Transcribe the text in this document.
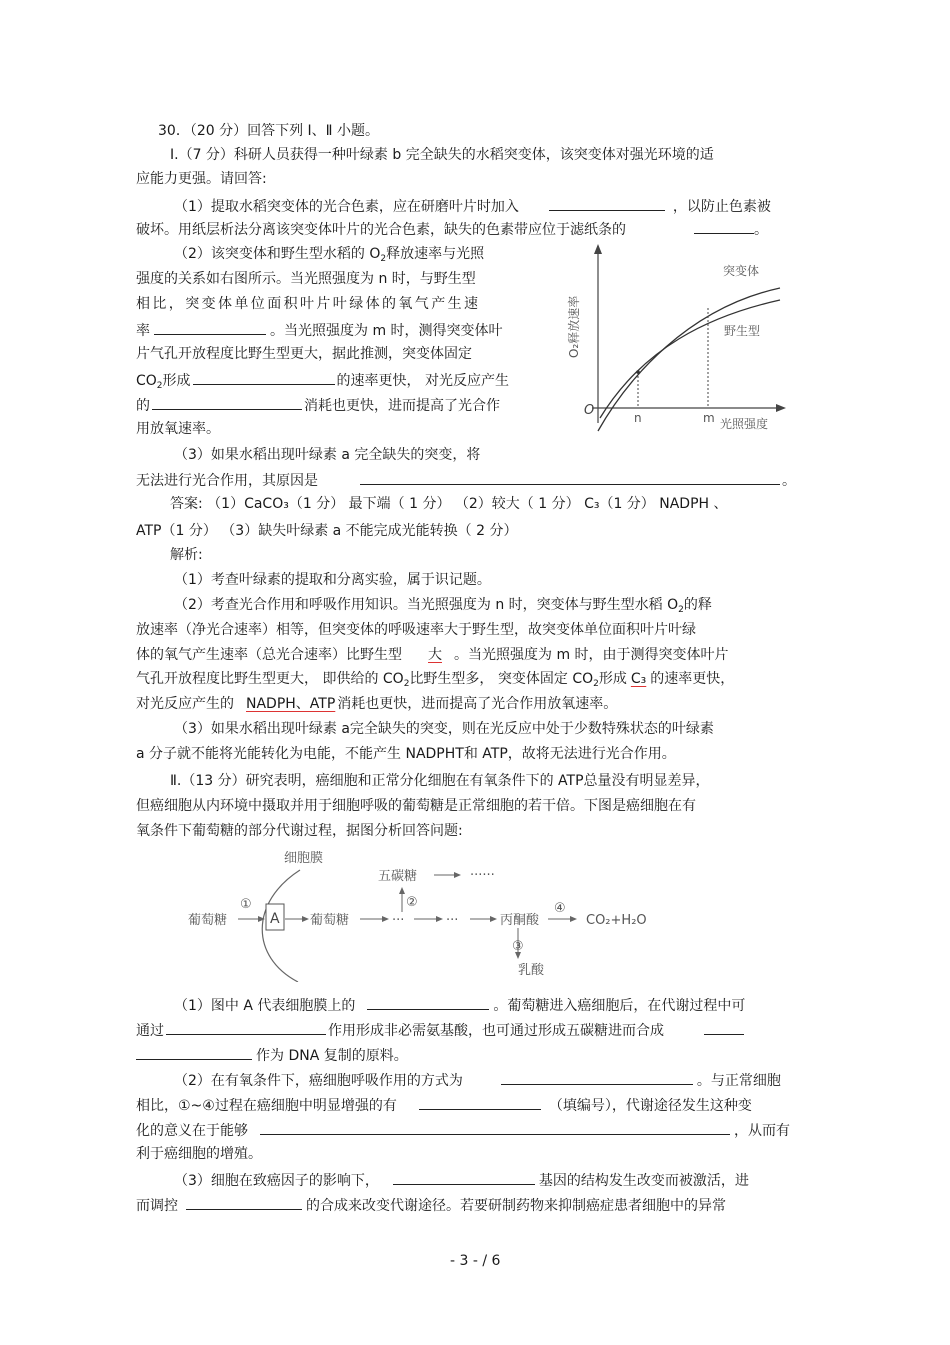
30．（20 分）回答下列 Ⅰ、Ⅱ 小题。
Ⅰ.（7 分）科研人员获得一种叶绿素 b 完全缺失的水稻突变体，该突变体对强光环境的适
应能力更强。请回答:
（1）提取水稻突变体的光合色素，应在研磨叶片时加入	，以防止色素被
破坏。用纸层析法分离该突变体叶片的光合色素，缺失的色素带应位于滤纸条的	。
（2）该突变体和野生型水稻的 $O_2$释放速率与光照
强度的关系如右图所示。当光照强度为 n 时，与野生型
相比，突变体单位面积叶片叶绿体的氧气产生速
率	。当光照强度为 m 时，测得突变体叶
片气孔开放程度比野生型更大，据此推测，突变体固定
$CO_2$形成	的速率更快， 对光反应产生
的	消耗也更快，进而提高了光合作
用放氧速率。
（3）如果水稻出现叶绿素 a 完全缺失的突变，将
无法进行光合作用，其原因是	。
O₂释放速率
光照强度
O	n	m
突变体
野生型
答案: （1）CaCO₃（1 分） 最下端（ 1 分） （2）较大（ 1 分） C₃（1 分） NADPH 、
ATP（1 分） （3）缺失叶绿素 a 不能完成光能转换（ 2 分）
解析:
（1）考查叶绿素的提取和分离实验，属于识记题。
（2）考查光合作用和呼吸作用知识。当光照强度为 n 时，突变体与野生型水稻 $O_2$的释
放速率（净光合速率）相等，但突变体的呼吸速率大于野生型，故突变体单位面积叶片叶绿
体的氧气产生速率（总光合速率）比野生型 大 。当光照强度为 m 时，由于测得突变体叶片
气孔开放程度比野生型更大， 即供给的 $CO_2$比野生型多， 突变体固定 $CO_2$形成 C₃ 的速率更快，
对光反应产生的 NADPH、ATP 消耗也更快，进而提高了光合作用放氧速率。
（3）如果水稻出现叶绿素 a完全缺失的突变，则在光反应中处于少数特殊状态的叶绿素
a 分子就不能将光能转化为电能，不能产生 NADPHT和 ATP，故将无法进行光合作用。
Ⅱ.（13 分）研究表明，癌细胞和正常分化细胞在有氧条件下的 ATP总量没有明显差异，
但癌细胞从内环境中摄取并用于细胞呼吸的葡萄糖是正常细胞的若干倍。下图是癌细胞在有
氧条件下葡萄糖的部分代谢过程，据图分析回答问题:
细胞膜
葡萄糖
①
A 葡萄糖	···	···
②
五碳糖	······
丙酮酸
④
CO₂+H₂O
③
乳酸
（1）图中 A 代表细胞膜上的	。葡萄糖进入癌细胞后，在代谢过程中可
通过	作用形成非必需氨基酸，也可通过形成五碳糖进而合成
作为 DNA 复制的原料。
（2）在有氧条件下，癌细胞呼吸作用的方式为	。与正常细胞
相比，①~④过程在癌细胞中明显增强的有	（填编号），代谢途径发生这种变
化的意义在于能够	，从而有
利于癌细胞的增殖。
（3）细胞在致癌因子的影响下，	基因的结构发生改变而被激活，进
而调控	的合成来改变代谢途径。若要研制药物来抑制癌症患者细胞中的异常
- 3 - / 6
